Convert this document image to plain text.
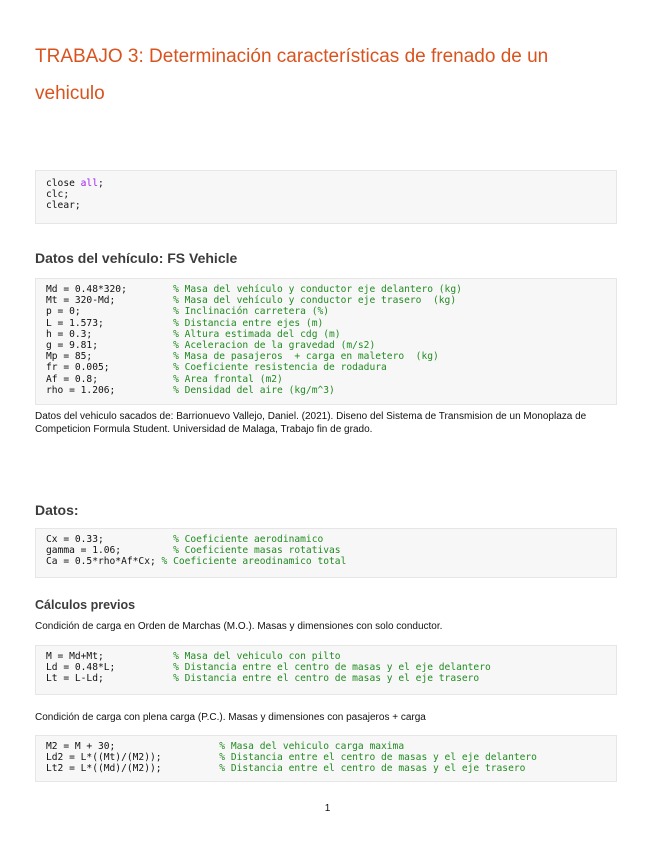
TRABAJO 3: Determinación características de frenado de un vehiculo
close all;
clc;
clear;
Datos del vehículo: FS Vehicle
Md = 0.48*320;        % Masa del vehículo y conductor eje delantero (kg)
Mt = 320-Md;          % Masa del vehículo y conductor eje trasero  (kg)
p = 0;                % Inclinación carretera (%)
L = 1.573;            % Distancia entre ejes (m)
h = 0.3;              % Altura estimada del cdg (m)
g = 9.81;             % Aceleracion de la gravedad (m/s2)
Mp = 85;              % Masa de pasajeros  + carga en maletero  (kg)
fr = 0.005;           % Coeficiente resistencia de rodadura
Af = 0.8;             % Area frontal (m2)
rho = 1.206;          % Densidad del aire (kg/m^3)

Datos del vehiculo sacados de: Barrionuevo Vallejo, Daniel. (2021). Diseno del Sistema de Transmision de un Monoplaza de Competicion Formula Student. Universidad de Malaga, Trabajo fin de grado.

Datos:
Cx = 0.33;            % Coeficiente aerodinamico
gamma = 1.06;         % Coeficiente masas rotativas
Ca = 0.5*rho*Af*Cx; % Coeficiente areodinamico total
Cálculos previos

Condición de carga en Orden de Marchas (M.O.). Masas y dimensiones con solo conductor.

M = Md+Mt;            % Masa del vehiculo con pilto
Ld = 0.48*L;          % Distancia entre el centro de masas y el eje delantero
Lt = L-Ld;            % Distancia entre el centro de masas y el eje trasero

Condición de carga con plena carga (P.C.). Masas y dimensiones con pasajeros + carga

M2 = M + 30;                  % Masa del vehiculo carga maxima
Ld2 = L*((Mt)/(M2));          % Distancia entre el centro de masas y el eje delantero
Lt2 = L*((Md)/(M2));          % Distancia entre el centro de masas y el eje trasero
1
